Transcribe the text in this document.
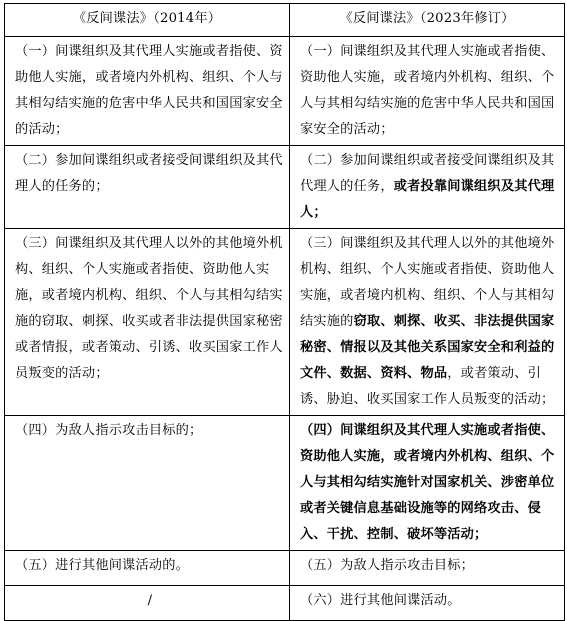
《反间谍法》（2014年）	《反间谍法》（2023年修订）
（一）间谍组织及其代理人实施或者指使、资助他人实施，或者境内外机构、组织、个人与其相勾结实施的危害中华人民共和国国家安全的活动；	（一）间谍组织及其代理人实施或者指使、资助他人实施，或者境内外机构、组织、个人与其相勾结实施的危害中华人民共和国国家安全的活动；
（二）参加间谍组织或者接受间谍组织及其代理人的任务的；	（二）参加间谍组织或者接受间谍组织及其代理人的任务，或者投靠间谍组织及其代理人；
（三）间谍组织及其代理人以外的其他境外机构、组织、个人实施或者指使、资助他人实施，或者境内机构、组织、个人与其相勾结实施的窃取、刺探、收买或者非法提供国家秘密或者情报，或者策动、引诱、收买国家工作人员叛变的活动；	（三）间谍组织及其代理人以外的其他境外机构、组织、个人实施或者指使、资助他人实施，或者境内机构、组织、个人与其相勾结实施的窃取、刺探、收买、非法提供国家秘密、情报以及其他关系国家安全和利益的文件、数据、资料、物品，或者策动、引诱、胁迫、收买国家工作人员叛变的活动；
（四）为敌人指示攻击目标的；	（四）间谍组织及其代理人实施或者指使、资助他人实施，或者境内外机构、组织、个人与其相勾结实施针对国家机关、涉密单位或者关键信息基础设施等的网络攻击、侵入、干扰、控制、破坏等活动；
（五）进行其他间谍活动的。	（五）为敌人指示攻击目标；
/	（六）进行其他间谍活动。
